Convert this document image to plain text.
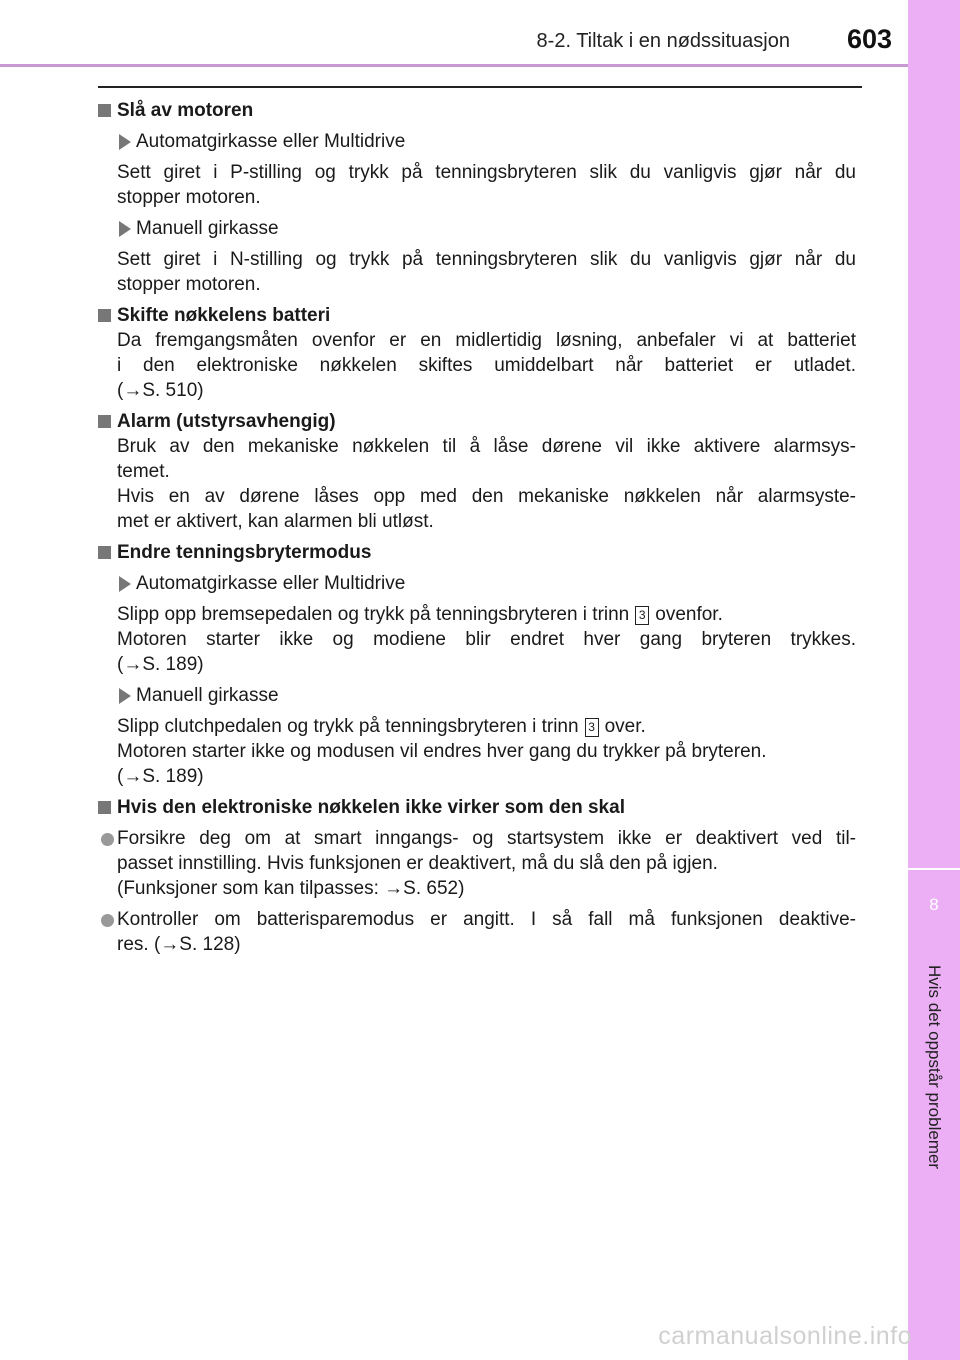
8
Hvis det oppstår problemer
8-2. Tiltak i en nødssituasjon	603
Slå av motoren
Automatgirkasse eller Multidrive
Sett giret i P-stilling og trykk på tenningsbryteren slik du vanligvis gjør når du
stopper motoren.
Manuell girkasse
Sett giret i N-stilling og trykk på tenningsbryteren slik du vanligvis gjør når du
stopper motoren.
Skifte nøkkelens batteri
Da fremgangsmåten ovenfor er en midlertidig løsning, anbefaler vi at batteriet
i den elektroniske nøkkelen skiftes umiddelbart når batteriet er utladet.
(→S. 510)
Alarm (utstyrsavhengig)
Bruk av den mekaniske nøkkelen til å låse dørene vil ikke aktivere alarmsys-
temet.
Hvis en av dørene låses opp med den mekaniske nøkkelen når alarmsyste-
met er aktivert, kan alarmen bli utløst.
Endre tenningsbrytermodus
Automatgirkasse eller Multidrive
Slipp opp bremsepedalen og trykk på tenningsbryteren i trinn 3 ovenfor.
Motoren starter ikke og modiene blir endret hver gang bryteren trykkes.
(→S. 189)
Manuell girkasse
Slipp clutchpedalen og trykk på tenningsbryteren i trinn 3 over.
Motoren starter ikke og modusen vil endres hver gang du trykker på bryteren.
(→S. 189)
Hvis den elektroniske nøkkelen ikke virker som den skal
Forsikre deg om at smart inngangs- og startsystem ikke er deaktivert ved til-
passet innstilling. Hvis funksjonen er deaktivert, må du slå den på igjen.
(Funksjoner som kan tilpasses: →S. 652)
Kontroller om batterisparemodus er angitt. I så fall må funksjonen deaktive-
res. (→S. 128)
carmanualsonline.info
